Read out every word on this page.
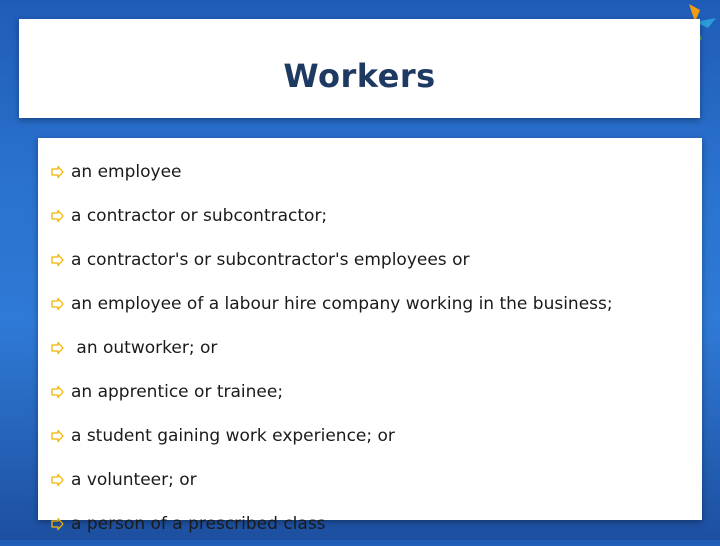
Workers
an employee
a contractor or subcontractor;
a contractor's or subcontractor's employees or
an employee of a labour hire company working in the business;
an outworker; or
an apprentice or trainee;
a student gaining work experience; or
a volunteer; or
a person of a prescribed class
